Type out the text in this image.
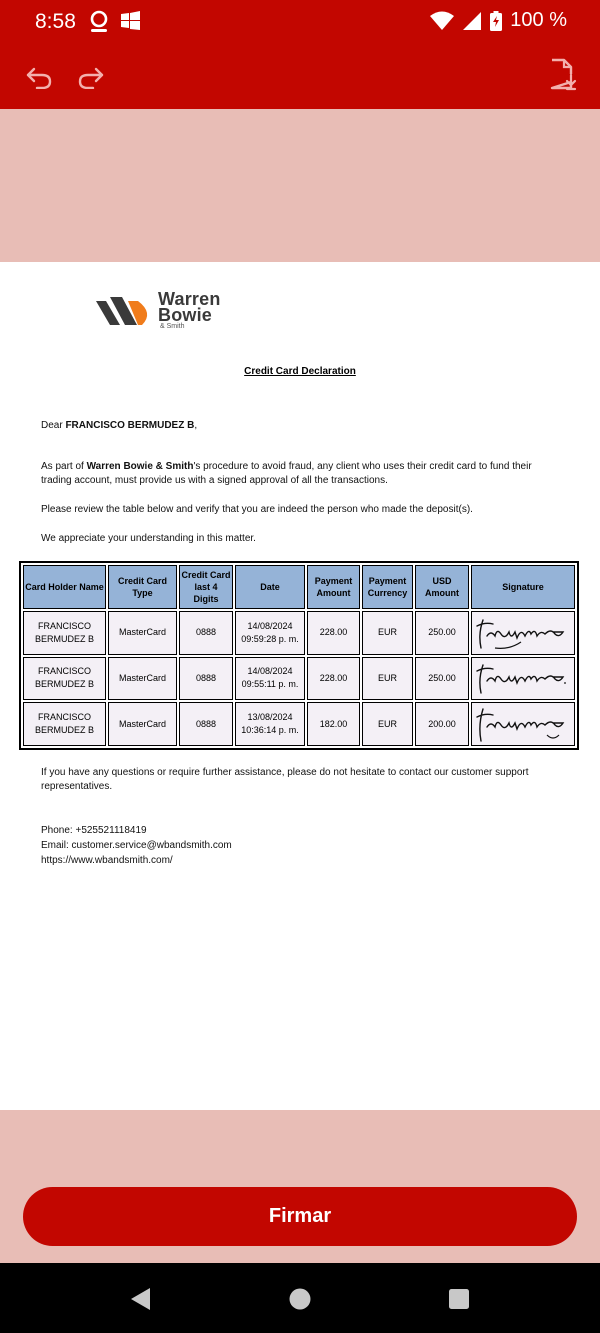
8:58	100 %
Warren
Bowie
& Smith
Credit Card Declaration
Dear FRANCISCO BERMUDEZ B,
As part of Warren Bowie & Smith's procedure to avoid fraud, any client who uses their credit card to fund their trading account, must provide us with a signed approval of all the transactions.
Please review the table below and verify that you are indeed the person who made the deposit(s).
We appreciate your understanding in this matter.
Card Holder Name	Credit Card Type	Credit Card last 4 Digits	Date	Payment Amount	Payment Currency	USD Amount	Signature
FRANCISCO BERMUDEZ B	MasterCard	0888	14/08/2024 09:59:28 p. m.	228.00	EUR	250.00	

FRANCISCO BERMUDEZ B	MasterCard	0888	14/08/2024 09:55:11 p. m.	228.00	EUR	250.00	

FRANCISCO BERMUDEZ B	MasterCard	0888	13/08/2024 10:36:14 p. m.	182.00	EUR	200.00	
If you have any questions or require further assistance, please do not hesitate to contact our customer support representatives.
Phone: +525521118419
Email: customer.service@wbandsmith.com
https://www.wbandsmith.com/
Firmar
